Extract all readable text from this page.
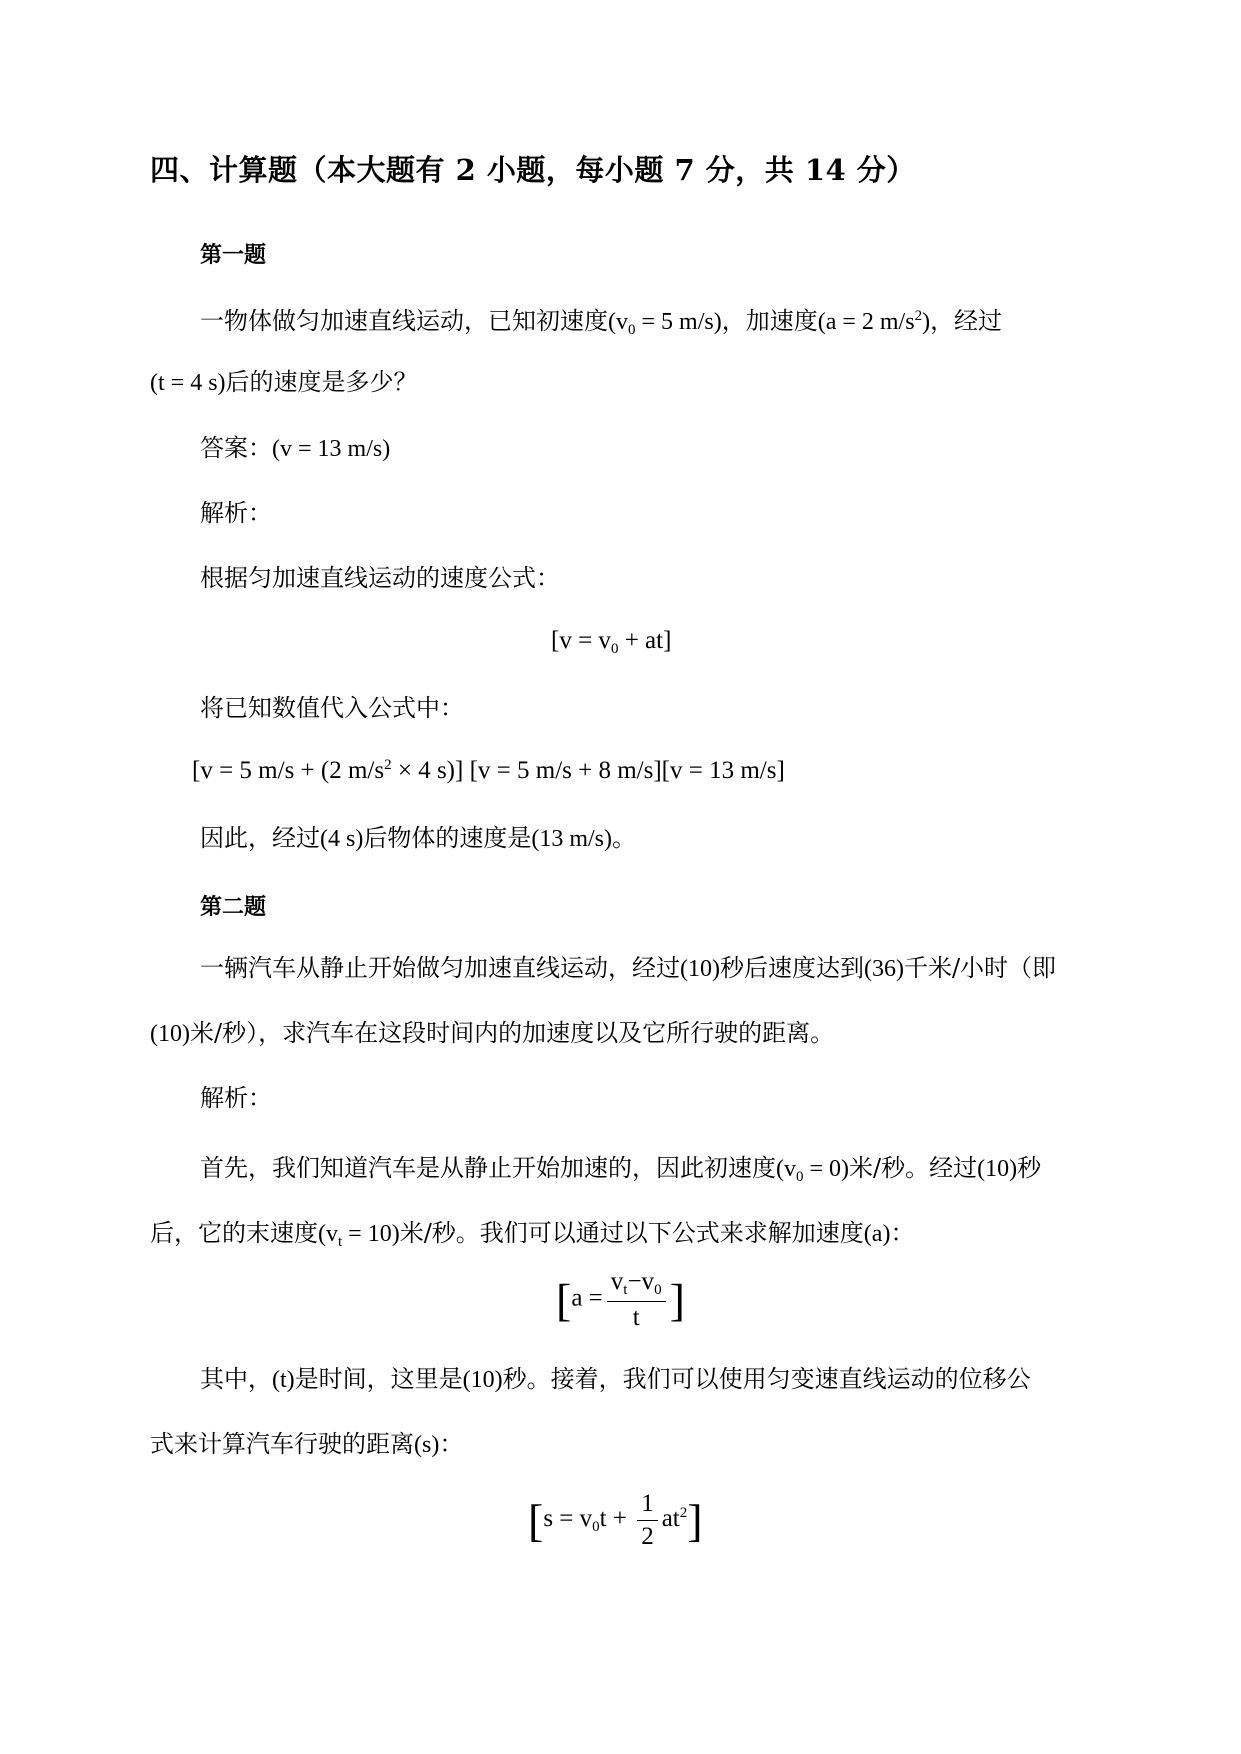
四、计算题（本大题有 2 小题，每小题 7 分，共 14 分）
第一题
一物体做匀加速直线运动，已知初速度($v_0 = 5$ m/s)，加速度(a = 2 $m/s^2$)，经过
(t = 4 s)后的速度是多少？
答案：(v = 13 m/s)
解析：
根据匀加速直线运动的速度公式：
$[v = v_0 + at]$
将已知数值代入公式中：
[v = 5 m/s + (2 $m/s^2 \times 4$ s)] [v = 5 m/s + 8 m/s][v = 13 m/s]
因此，经过(4 s)后物体的速度是(13 m/s)。
第二题
一辆汽车从静止开始做匀加速直线运动，经过(10)秒后速度达到(36)千米/小时（即
(10)米/秒），求汽车在这段时间内的加速度以及它所行驶的距离。
解析：
首先，我们知道汽车是从静止开始加速的，因此初速度$(v_0 = 0)$米/秒。经过(10)秒
后，它的末速度$(v_t = 10)$米/秒。我们可以通过以下公式来求解加速度(a)：
[$a = \frac{v_t-v_0}{t}$ ]
其中，(t)是时间，这里是(10)秒。接着，我们可以使用匀变速直线运动的位移公
式来计算汽车行驶的距离(s)：
$[s = v_0t + \frac{1}{2} at^2]$
